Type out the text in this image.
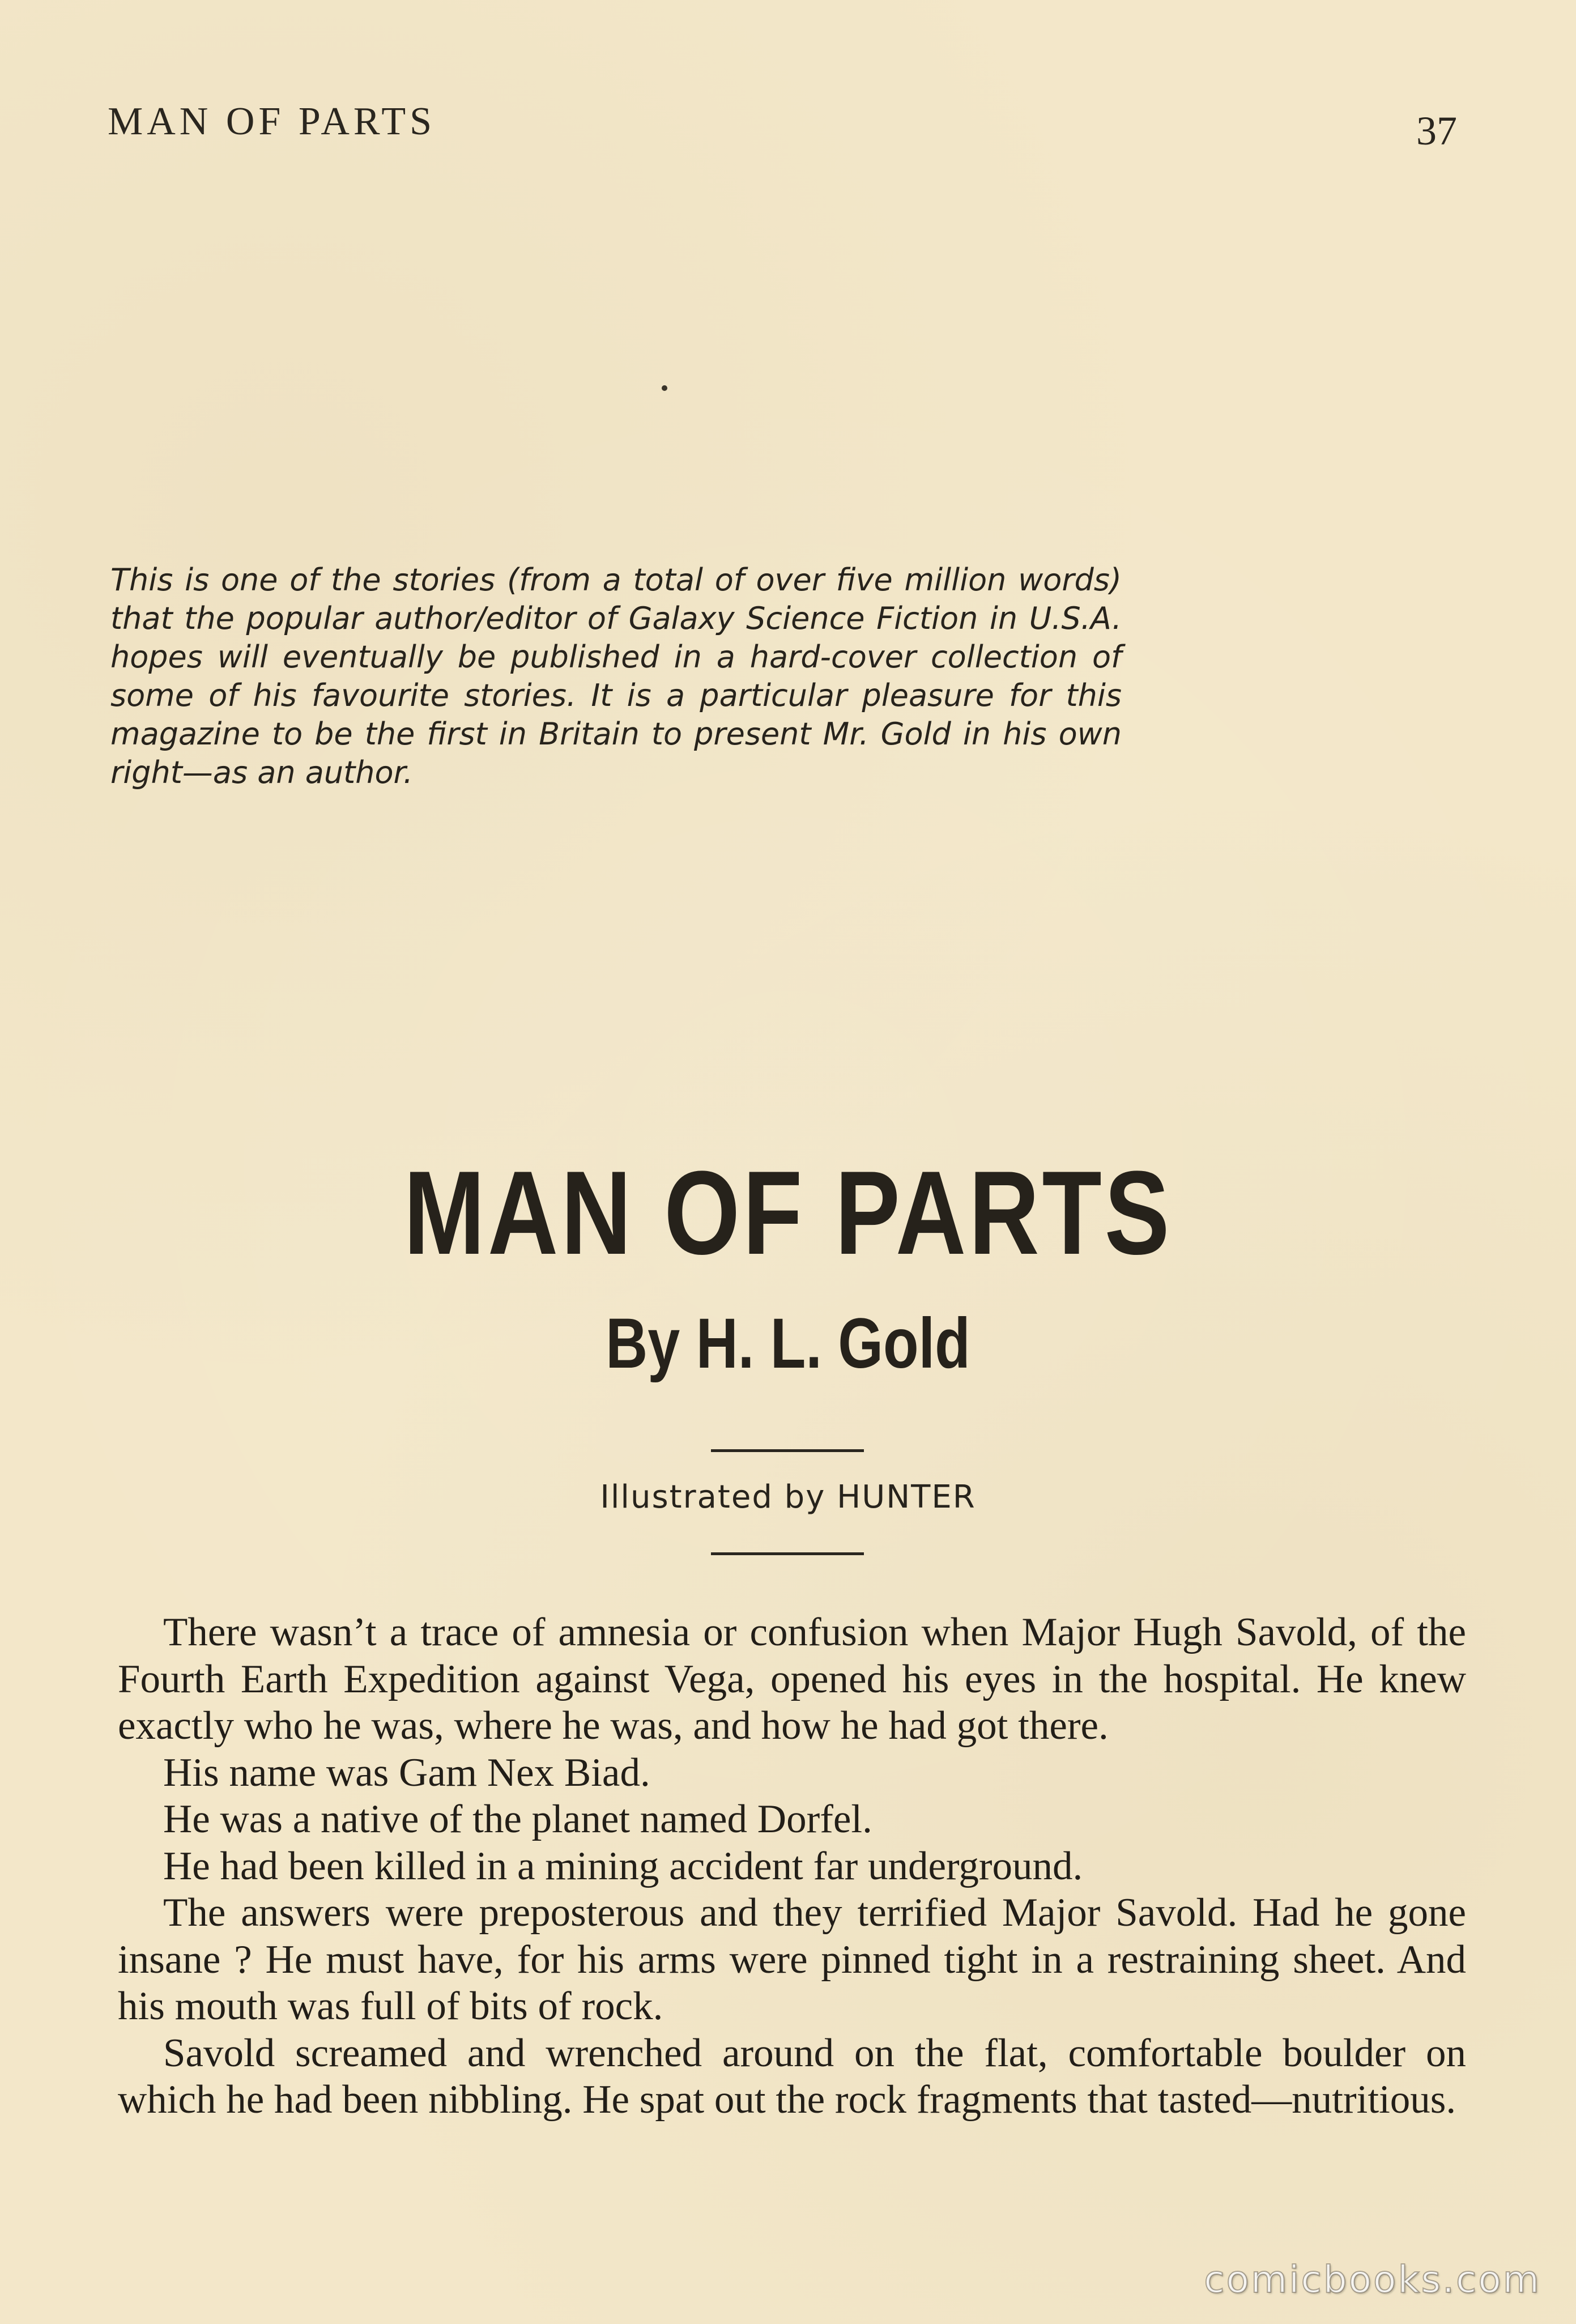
MAN OF PARTS	37
This is one of the stories (from a total of over five million words) that the popular author/editor of Galaxy Science Fiction in U.S.A. hopes will eventually be published in a hard-cover collection of some of his favourite stories. It is a particular pleasure for this magazine to be the first in Britain to present Mr. Gold in his own right—as an author.
MAN OF PARTS
By H. L. Gold
Illustrated by HUNTER

There wasn’t a trace of amnesia or confusion when Major Hugh Savold, of the Fourth Earth Expedition against Vega, opened his eyes in the hospital. He knew exactly who he was, where he was, and how he had got there.

His name was Gam Nex Biad.

He was a native of the planet named Dorfel.

He had been killed in a mining accident far underground.

The answers were preposterous and they terrified Major Savold. Had he gone insane ? He must have, for his arms were pinned tight in a restraining sheet. And his mouth was full of bits of rock.

Savold screamed and wrenched around on the flat, comfortable boulder on which he had been nibbling. He spat out the rock fragments that tasted—nutritious.

comicbooks.com
